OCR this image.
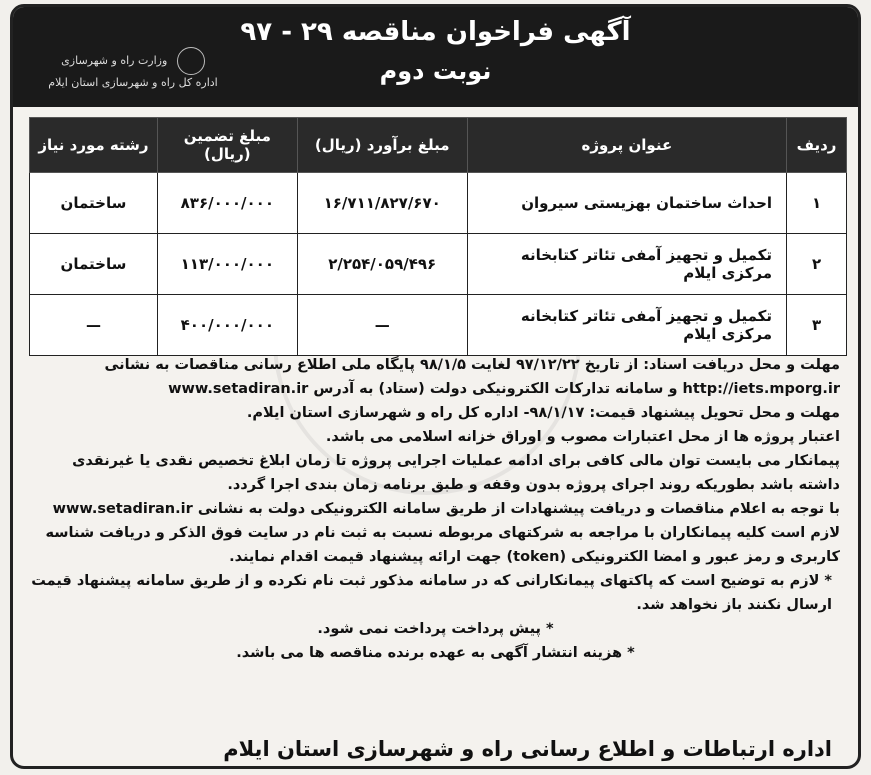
آگهی فراخوان مناقصه ۲۹ - ۹۷
نوبت دوم
وزارت راه و شهرسازی
اداره کل راه و شهرسازی استان ایلام
ردیف	عنوان پروژه	مبلغ برآورد (ریال)	مبلغ تضمین (ریال)	رشته مورد نیاز
۱	احداث ساختمان بهزیستی سیروان	۱۶/۷۱۱/۸۲۷/۶۷۰	۸۳۶/۰۰۰/۰۰۰	ساختمان
۲	تکمیل و تجهیز آمفی تئاتر کتابخانه مرکزی ایلام	۲/۲۵۴/۰۵۹/۴۹۶	۱۱۳/۰۰۰/۰۰۰	ساختمان
۳	تکمیل و تجهیز آمفی تئاتر کتابخانه مرکزی ایلام	—	۴۰۰/۰۰۰/۰۰۰	—

مهلت و محل دریافت اسناد: از تاریخ ۹۷/۱۲/۲۲ لغایت ۹۸/۱/۵ پایگاه ملی اطلاع رسانی مناقصات به نشانی http://iets.mporg.ir و سامانه تدارکات الکترونیکی دولت (ستاد) به آدرس www.setadiran.ir

مهلت و محل تحویل پیشنهاد قیمت: ۹۸/۱/۱۷- اداره کل راه و شهرسازی استان ایلام.

اعتبار پروژه ها از محل اعتبارات مصوب و اوراق خزانه اسلامی می باشد.

پیمانکار می بایست توان مالی کافی برای ادامه عملیات اجرایی پروژه تا زمان ابلاغ تخصیص نقدی یا غیرنقدی داشته باشد بطوریکه روند اجرای پروژه بدون وقفه و طبق برنامه زمان بندی اجرا گردد.

با توجه به اعلام مناقصات و دریافت پیشنهادات از طریق سامانه الکترونیکی دولت به نشانی www.setadiran.ir لازم است کلیه پیمانکاران با مراجعه به شرکتهای مربوطه نسبت به ثبت نام در سایت فوق الذکر و دریافت شناسه کاربری و رمز عبور و امضا الکترونیکی (token) جهت ارائه پیشنهاد قیمت اقدام نمایند.

* لازم به توضیح است که پاکتهای پیمانکارانی که در سامانه مذکور ثبت نام نکرده و از طریق سامانه پیشنهاد قیمت ارسال نکنند باز نخواهد شد.

* پیش پرداخت پرداخت نمی شود.

* هزینه انتشار آگهی به عهده برنده مناقصه ها می باشد.

اداره ارتباطات و اطلاع رسانی راه و شهرسازی استان ایلام
